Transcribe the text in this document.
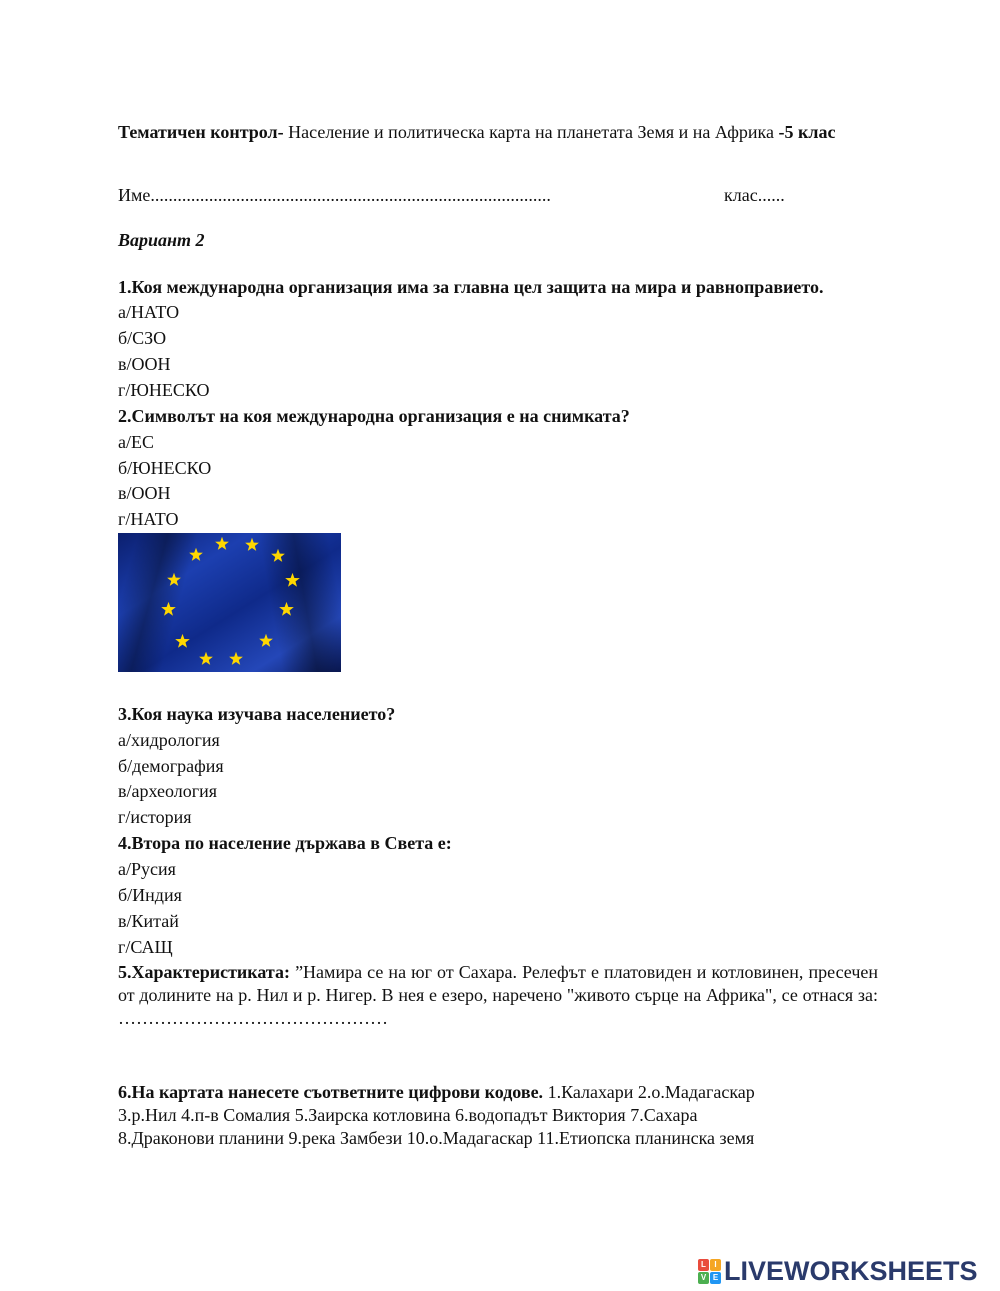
Тематичен контрол- Население и политическа карта на планетата Земя и на Африка -5 клас
Име.........................................................................................	клас......
Вариант 2
1.Коя международна организация има за главна цел защита на мира и равноправието.
а/НАТО
б/СЗО
в/ООН
г/ЮНЕСКО
2.Символът на коя международна организация е на снимката?
а/ЕС
б/ЮНЕСКО
в/ООН
г/НАТО
3.Коя наука изучава населението?
а/хидрология
б/демография
в/археология
г/история
4.Втора по население държава в Света е:
а/Русия
б/Индия
в/Китай
г/САЩ
5.Характеристиката: ”Намира се на юг от Сахара. Релефът е платовиден и котловинен, пресечен от долините на р. Нил и р. Нигер. В нея е езеро, наречено "живото сърце на Африка", се отнася за: ………………………………………
6.На картата нанесете съответните цифрови кодове. 1.Калахари 2.о.Мадагаскар
3.р.Нил 4.п-в Сомалия 5.Заирска котловина 6.водопадът Виктория 7.Сахара
8.Драконови планини 9.река Замбези 10.о.Мадагаскар 11.Етиопска планинска земя
L	I
V E LIVEWORKSHEETS
